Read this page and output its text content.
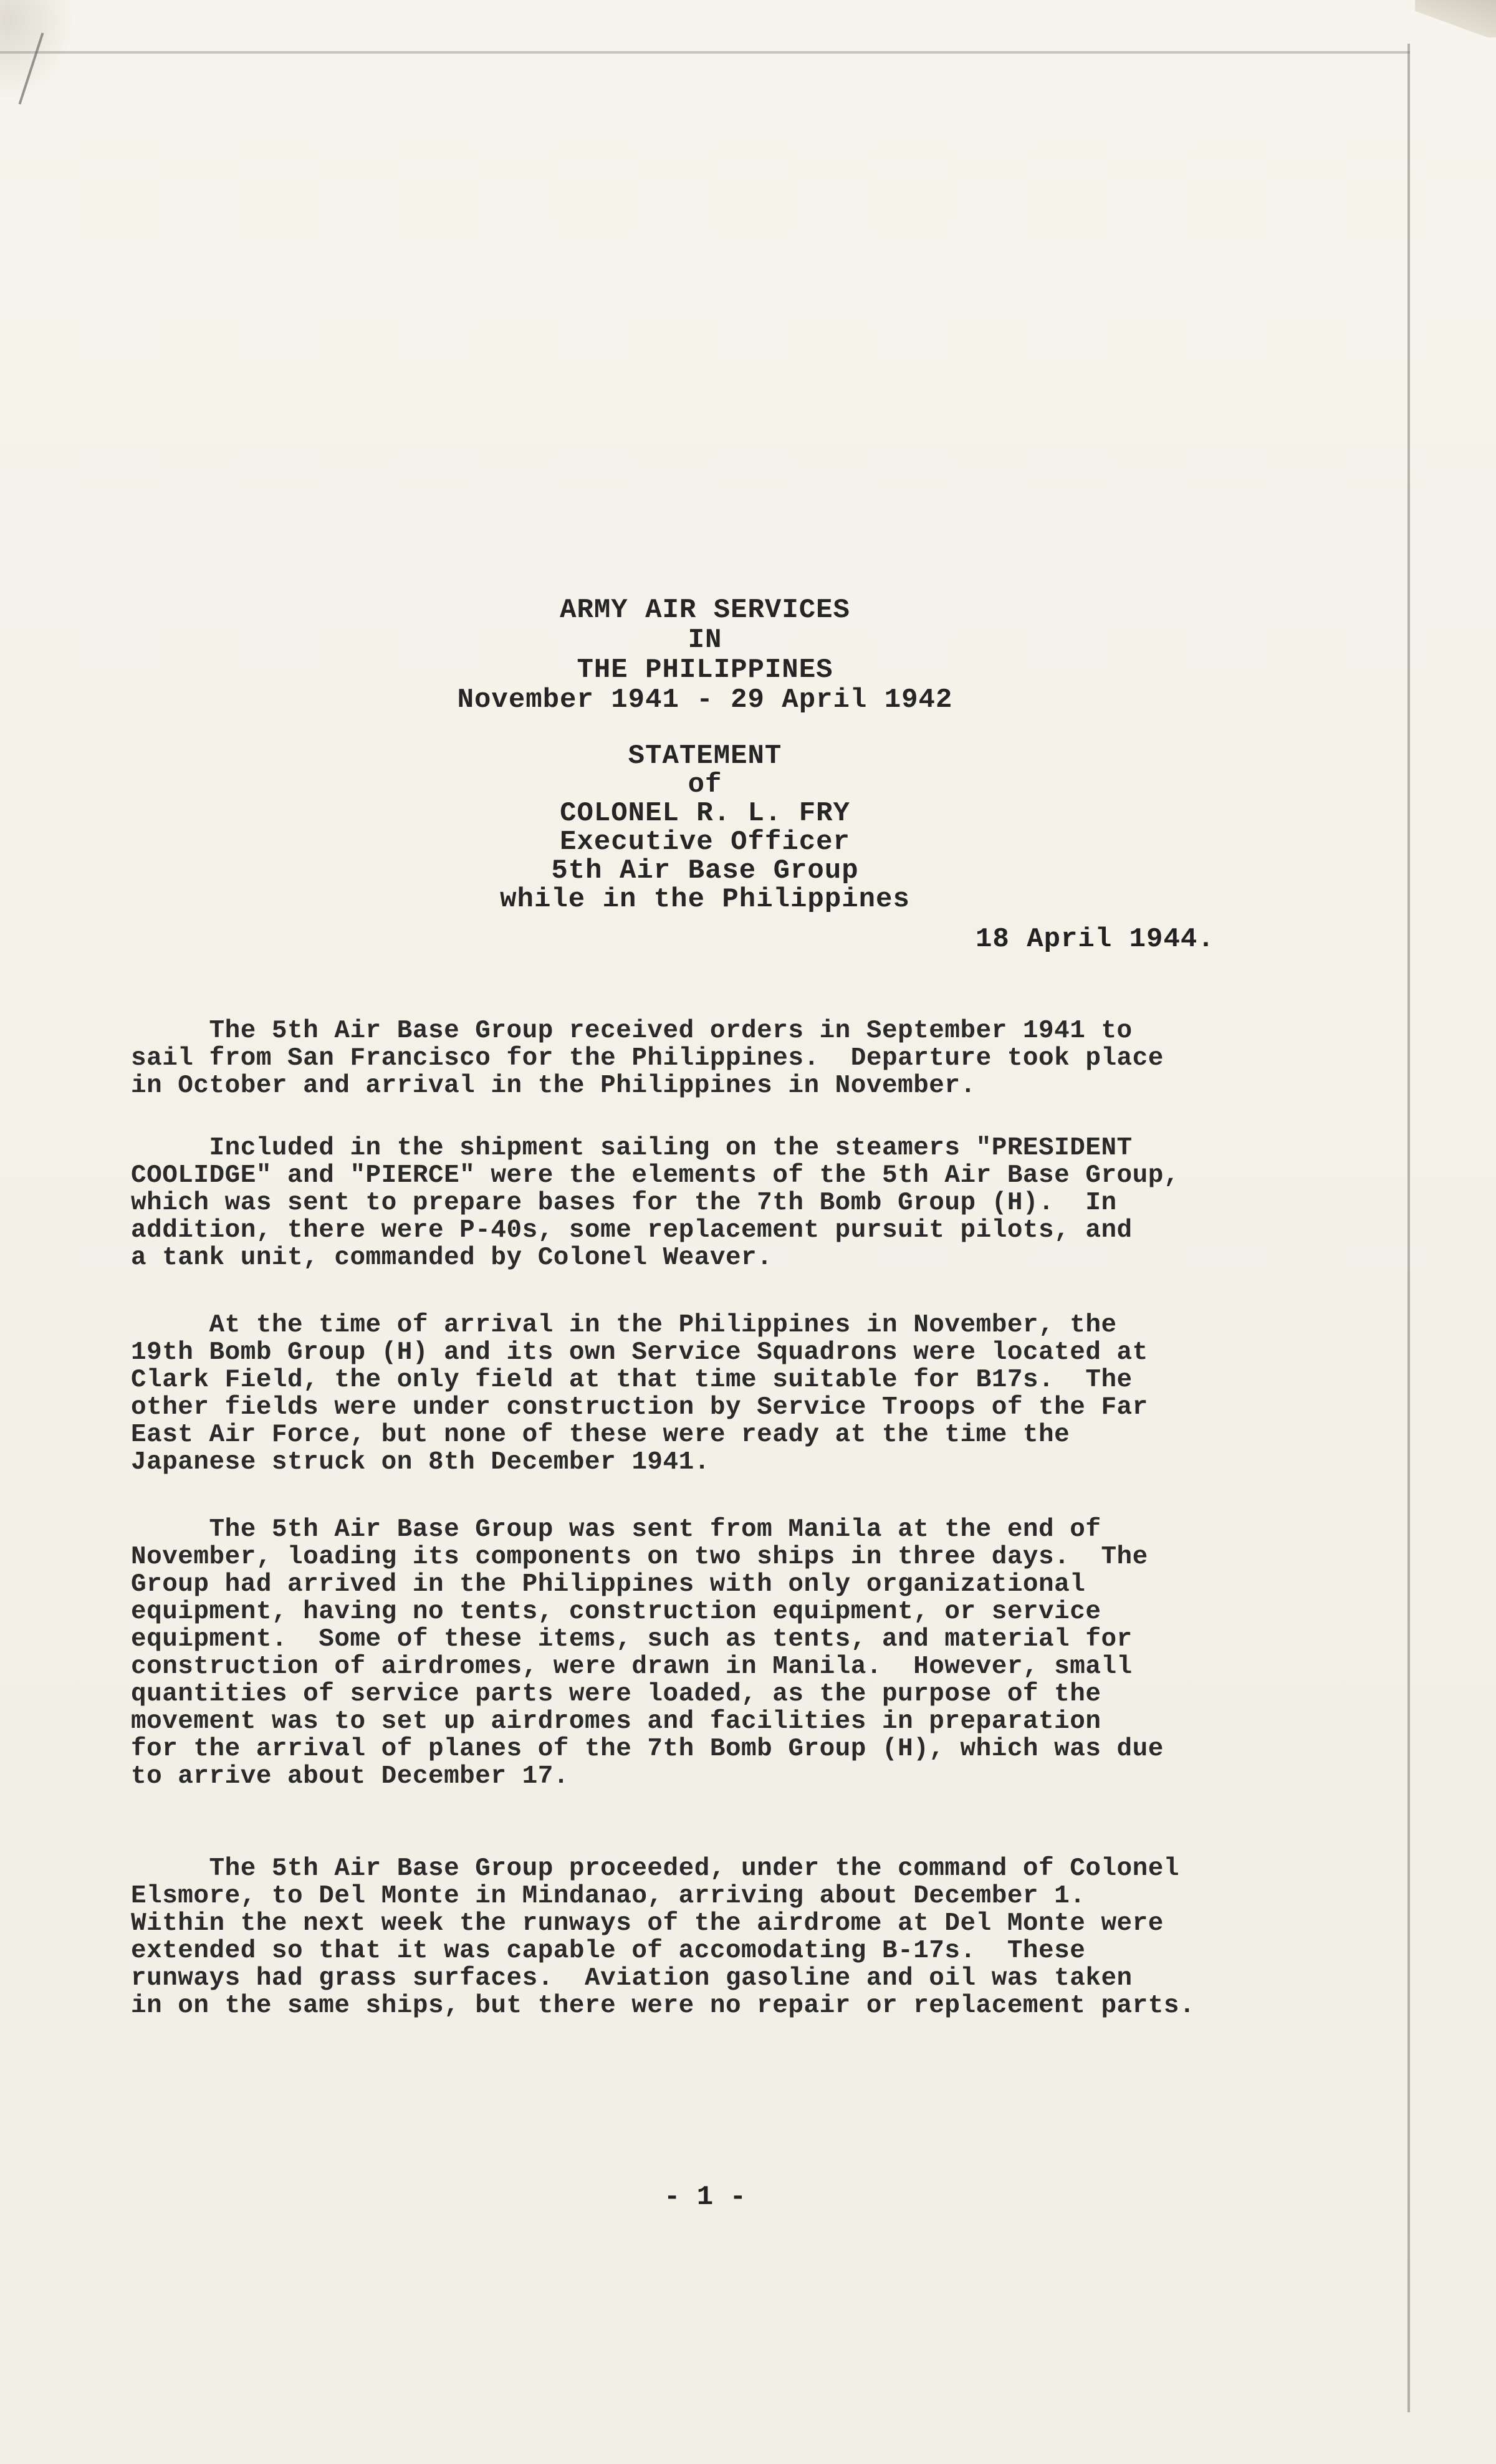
ARMY AIR SERVICES
IN
THE PHILIPPINES
November 1941 - 29 April 1942
STATEMENT
of
COLONEL R. L. FRY
Executive Officer
5th Air Base Group
while in the Philippines
18 April 1944.
The 5th Air Base Group received orders in September 1941 to
sail from San Francisco for the Philippines.  Departure took place
in October and arrival in the Philippines in November.
Included in the shipment sailing on the steamers "PRESIDENT
COOLIDGE" and "PIERCE" were the elements of the 5th Air Base Group,
which was sent to prepare bases for the 7th Bomb Group (H).  In
addition, there were P-40s, some replacement pursuit pilots, and
a tank unit, commanded by Colonel Weaver.
At the time of arrival in the Philippines in November, the
19th Bomb Group (H) and its own Service Squadrons were located at
Clark Field, the only field at that time suitable for B17s.  The
other fields were under construction by Service Troops of the Far
East Air Force, but none of these were ready at the time the
Japanese struck on 8th December 1941.
The 5th Air Base Group was sent from Manila at the end of
November, loading its components on two ships in three days.  The
Group had arrived in the Philippines with only organizational
equipment, having no tents, construction equipment, or service
equipment.  Some of these items, such as tents, and material for
construction of airdromes, were drawn in Manila.  However, small
quantities of service parts were loaded, as the purpose of the
movement was to set up airdromes and facilities in preparation
for the arrival of planes of the 7th Bomb Group (H), which was due
to arrive about December 17.
The 5th Air Base Group proceeded, under the command of Colonel
Elsmore, to Del Monte in Mindanao, arriving about December 1.
Within the next week the runways of the airdrome at Del Monte were
extended so that it was capable of accomodating B-17s.  These
runways had grass surfaces.  Aviation gasoline and oil was taken
in on the same ships, but there were no repair or replacement parts.
- 1 -
